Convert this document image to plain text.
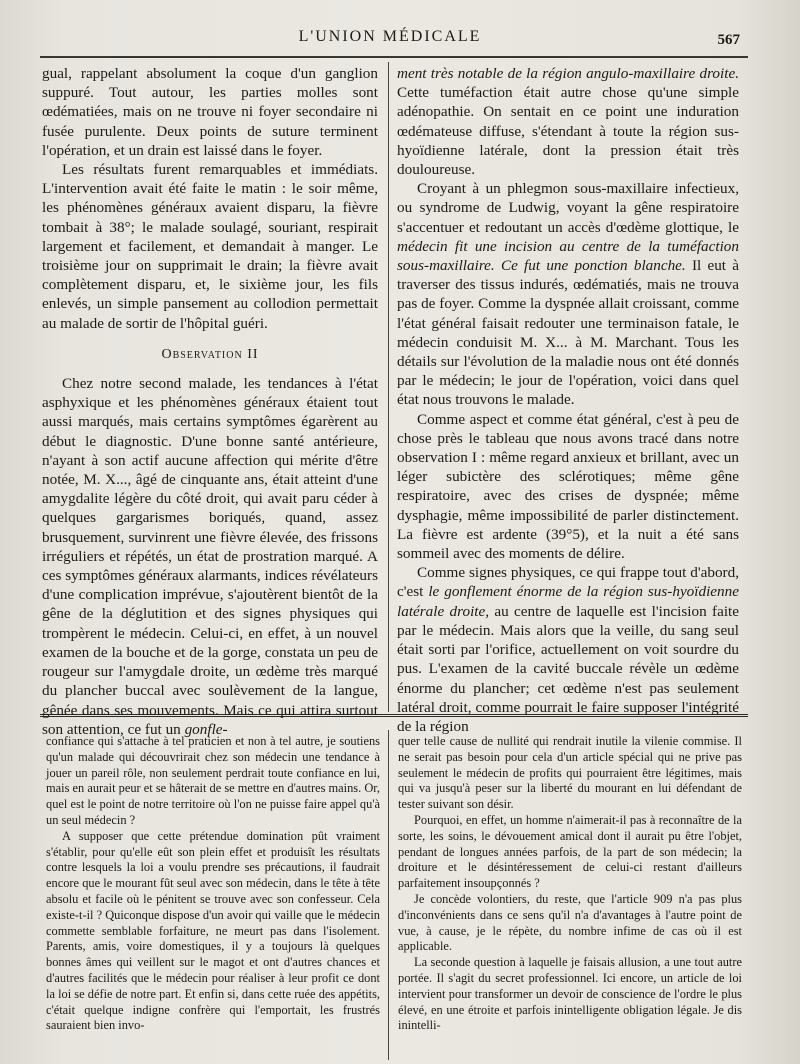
L'UNION MÉDICALE	567

gual, rappelant absolument la coque d'un ganglion suppuré. Tout autour, les parties molles sont œdématiées, mais on ne trouve ni foyer secondaire ni fusée purulente. Deux points de suture terminent l'opération, et un drain est laissé dans le foyer.

Les résultats furent remarquables et immédiats. L'intervention avait été faite le matin : le soir même, les phénomènes généraux avaient disparu, la fièvre tombait à 38°; le malade soulagé, souriant, respirait largement et facilement, et demandait à manger. Le troisième jour on supprimait le drain; la fièvre avait complètement disparu, et, le sixième jour, les fils enlevés, un simple pansement au collodion permettait au malade de sortir de l'hôpital guéri.

Observation II

Chez notre second malade, les tendances à l'état asphyxique et les phénomènes généraux étaient tout aussi marqués, mais certains symptômes égarèrent au début le diagnostic. D'une bonne santé antérieure, n'ayant à son actif aucune affection qui mérite d'être notée, M. X..., âgé de cinquante ans, était atteint d'une amygdalite légère du côté droit, qui avait paru céder à quelques gargarismes boriqués, quand, assez brusquement, survinrent une fièvre élevée, des frissons irréguliers et répétés, un état de prostration marqué. A ces symptômes généraux alarmants, indices révélateurs d'une complication imprévue, s'ajoutèrent bientôt de la gêne de la déglutition et des signes physiques qui trompèrent le médecin. Celui-ci, en effet, à un nouvel examen de la bouche et de la gorge, constata un peu de rougeur sur l'amygdale droite, un œdème très marqué du plancher buccal avec soulèvement de la langue, gênée dans ses mouvements. Mais ce qui attira surtout son attention, ce fut un gonfle-

ment très notable de la région angulo-maxillaire droite. Cette tuméfaction était autre chose qu'une simple adénopathie. On sentait en ce point une induration œdémateuse diffuse, s'étendant à toute la région sus-hyoïdienne latérale, dont la pression était très douloureuse.

Croyant à un phlegmon sous-maxillaire infectieux, ou syndrome de Ludwig, voyant la gêne respiratoire s'accentuer et redoutant un accès d'œdème glottique, le médecin fit une incision au centre de la tuméfaction sous-maxillaire. Ce fut une ponction blanche. Il eut à traverser des tissus indurés, œdématiés, mais ne trouva pas de foyer. Comme la dyspnée allait croissant, comme l'état général faisait redouter une terminaison fatale, le médecin conduisit M. X... à M. Marchant. Tous les détails sur l'évolution de la maladie nous ont été donnés par le médecin; le jour de l'opération, voici dans quel état nous trouvons le malade.

Comme aspect et comme état général, c'est à peu de chose près le tableau que nous avons tracé dans notre observation I : même regard anxieux et brillant, avec un léger subictère des sclérotiques; même gêne respiratoire, avec des crises de dyspnée; même dysphagie, même impossibilité de parler distinctement. La fièvre est ardente (39°5), et la nuit a été sans sommeil avec des moments de délire.

Comme signes physiques, ce qui frappe tout d'abord, c'est le gonflement énorme de la région sus-hyoïdienne latérale droite, au centre de laquelle est l'incision faite par le médecin. Mais alors que la veille, du sang seul était sorti par l'orifice, actuellement on voit sourdre du pus. L'examen de la cavité buccale révèle un œdème énorme du plancher; cet œdème n'est pas seulement latéral droit, comme pourrait le faire supposer l'intégrité de la région

confiance qui s'attache à tel praticien et non à tel autre, je soutiens qu'un malade qui découvrirait chez son médecin une tendance à jouer un pareil rôle, non seulement perdrait toute confiance en lui, mais en aurait peur et se hâterait de se mettre en d'autres mains. Or, quel est le point de notre territoire où l'on ne puisse faire appel qu'à un seul médecin ?

A supposer que cette prétendue domination pût vraiment s'établir, pour qu'elle eût son plein effet et produisît les résultats contre lesquels la loi a voulu prendre ses précautions, il faudrait encore que le mourant fût seul avec son médecin, dans le tête à tête absolu et facile où le pénitent se trouve avec son confesseur. Cela existe-t-il ? Quiconque dispose d'un avoir qui vaille que le médecin commette semblable forfaiture, ne meurt pas dans l'isolement. Parents, amis, voire domestiques, il y a toujours là quelques bonnes âmes qui veillent sur le magot et ont d'autres chances et d'autres facilités que le médecin pour réaliser à leur profit ce dont la loi se défie de notre part. Et enfin si, dans cette ruée des appétits, c'était quelque indigne confrère qui l'emportait, les frustrés sauraient bien invo-

quer telle cause de nullité qui rendrait inutile la vilenie commise. Il ne serait pas besoin pour cela d'un article spécial qui ne prive pas seulement le médecin de profits qui pourraient être légitimes, mais qui va jusqu'à peser sur la liberté du mourant en lui défendant de tester suivant son désir.

Pourquoi, en effet, un homme n'aimerait-il pas à reconnaître de la sorte, les soins, le dévouement amical dont il aurait pu être l'objet, pendant de longues années parfois, de la part de son médecin; la droiture et le désintéressement de celui-ci restant d'ailleurs parfaitement insoupçonnés ?

Je concède volontiers, du reste, que l'article 909 n'a pas plus d'inconvénients dans ce sens qu'il n'a d'avantages à l'autre point de vue, à cause, je le répète, du nombre infime de cas où il est applicable.

La seconde question à laquelle je faisais allusion, a une tout autre portée. Il s'agit du secret professionnel. Ici encore, un article de loi intervient pour transformer un devoir de conscience de l'ordre le plus élevé, en une étroite et parfois inintelligente obligation légale. Je dis inintelli-
